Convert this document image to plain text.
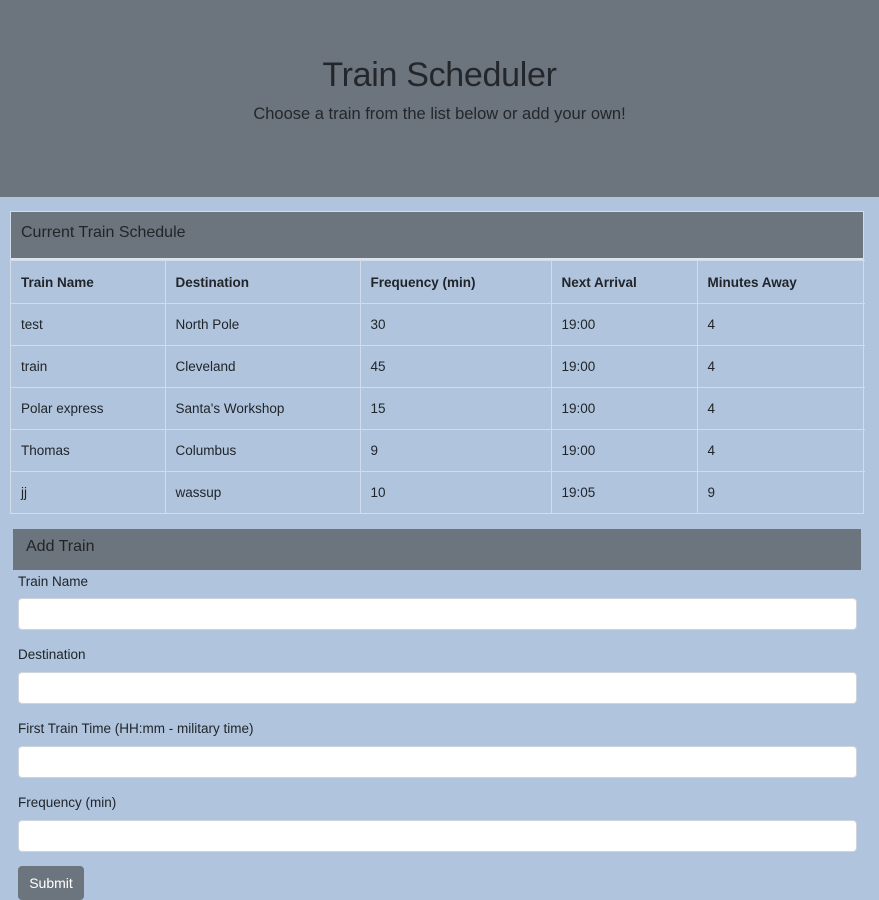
Train Scheduler

Choose a train from the list below or add your own!

Current Train Schedule
Train Name	Destination	Frequency (min)	Next Arrival	Minutes Away
test	North Pole	30	19:00	4
train	Cleveland	45	19:00	4
Polar express	Santa's Workshop	15	19:00	4
Thomas	Columbus	9	19:00	4
jj	wassup	10	19:05	9
Add Train
Train Name
Destination
First Train Time (HH:mm - military time)
Frequency (min)
Submit
